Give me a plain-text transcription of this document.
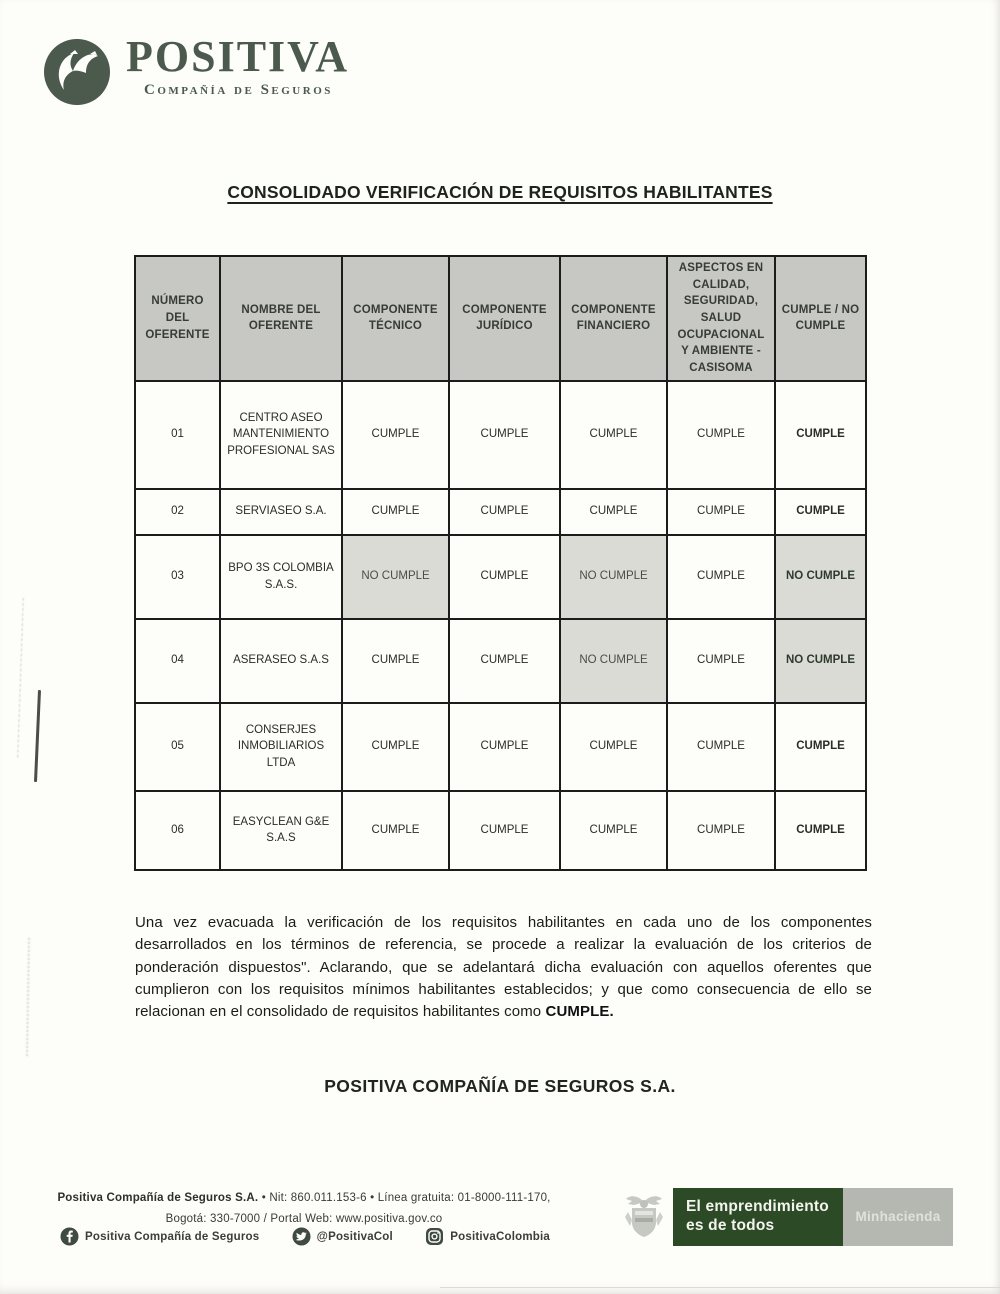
POSITIVA
Compañía de Seguros
CONSOLIDADO VERIFICACIÓN DE REQUISITOS HABILITANTES
NÚMERO DEL OFERENTE	NOMBRE DEL OFERENTE	COMPONENTE TÉCNICO	COMPONENTE JURÍDICO	COMPONENTE FINANCIERO	ASPECTOS EN CALIDAD, SEGURIDAD, SALUD OCUPACIONAL Y AMBIENTE - CASISOMA	CUMPLE / NO CUMPLE
01	CENTRO ASEO MANTENIMIENTO PROFESIONAL SAS	CUMPLE	CUMPLE	CUMPLE	CUMPLE	CUMPLE
02	SERVIASEO S.A.	CUMPLE	CUMPLE	CUMPLE	CUMPLE	CUMPLE
03	BPO 3S COLOMBIA S.A.S.	NO CUMPLE	CUMPLE	NO CUMPLE	CUMPLE	NO CUMPLE
04	ASERASEO S.A.S	CUMPLE	CUMPLE	NO CUMPLE	CUMPLE	NO CUMPLE
05	CONSERJES INMOBILIARIOS LTDA	CUMPLE	CUMPLE	CUMPLE	CUMPLE	CUMPLE
06	EASYCLEAN G&E S.A.S	CUMPLE	CUMPLE	CUMPLE	CUMPLE	CUMPLE
Una vez evacuada la verificación de los requisitos habilitantes en cada uno de los componentes desarrollados en los términos de referencia, se procede a realizar la evaluación de los criterios de ponderación dispuestos". Aclarando, que se adelantará dicha evaluación con aquellos oferentes que cumplieron con los requisitos mínimos habilitantes establecidos; y que como consecuencia de ello se relacionan en el consolidado de requisitos habilitantes como CUMPLE.
POSITIVA COMPAÑÍA DE SEGUROS S.A.
Positiva Compañía de Seguros S.A. • Nit: 860.011.153-6 • Línea gratuita: 01-8000-111-170,
Bogotá: 330-7000 / Portal Web: www.positiva.gov.co
Positiva Compañía de Seguros	@PositivaCol	PositivaColombia
El emprendimiento
es de todos
Minhacienda
